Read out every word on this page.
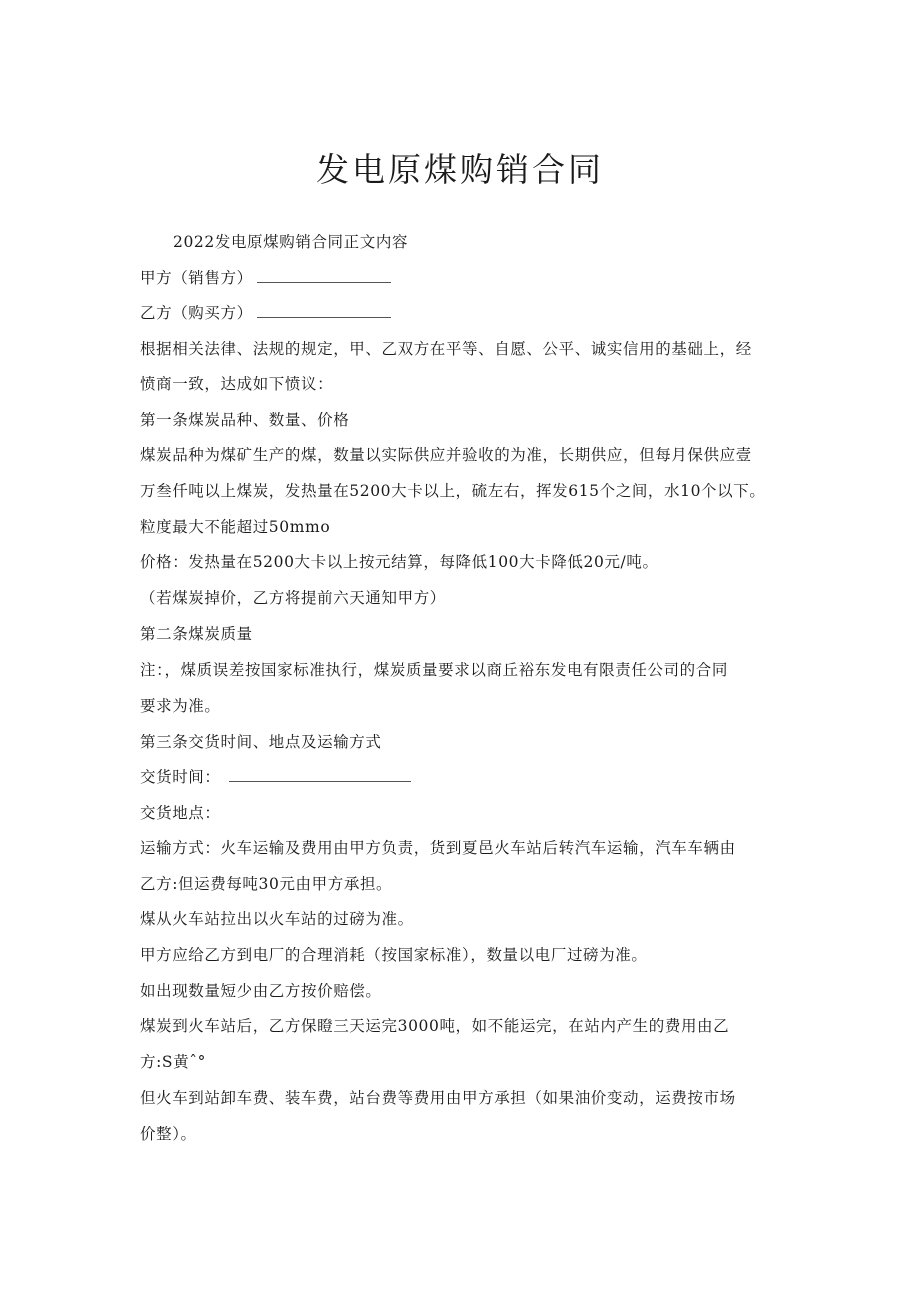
发电原煤购销合同
2022发电原煤购销合同正文内容
甲方（销售方）
乙方（购买方）
根据相关法律、法规的规定，甲、乙双方在平等、自愿、公平、诚实信用的基础上，经
愤商一致，达成如下愤议：
第一条煤炭品种、数量、价格
煤炭品种为煤矿生产的煤，数量以实际供应并验收的为准，长期供应，但每月保供应壹
万叁仟吨以上煤炭，发热量在5200大卡以上，硫左右，挥发615个之间，水10个以下。
粒度最大不能超过50mmo
价格：发热量在5200大卡以上按元结算，每降低100大卡降低20元/吨。
（若煤炭掉价，乙方将提前六天通知甲方）
第二条煤炭质量
注：，煤质误差按国家标准执行，煤炭质量要求以商丘裕东发电有限责任公司的合同
要求为准。
第三条交货时间、地点及运输方式
交货时间：
交货地点：
运输方式：火车运输及费用由甲方负责，货到夏邑火车站后转汽车运输，汽车车辆由
乙方:但运费每吨30元由甲方承担。
煤从火车站拉出以火车站的过磅为准。
甲方应给乙方到电厂的合理消耗（按国家标准），数量以电厂过磅为准。
如出现数量短少由乙方按价赔偿。
煤炭到火车站后，乙方保瞪三天运完3000吨，如不能运完，在站内产生的费用由乙
方:S黄ˆ°
但火车到站卸车费、装车费，站台费等费用由甲方承担（如果油价变动，运费按市场
价整）。
